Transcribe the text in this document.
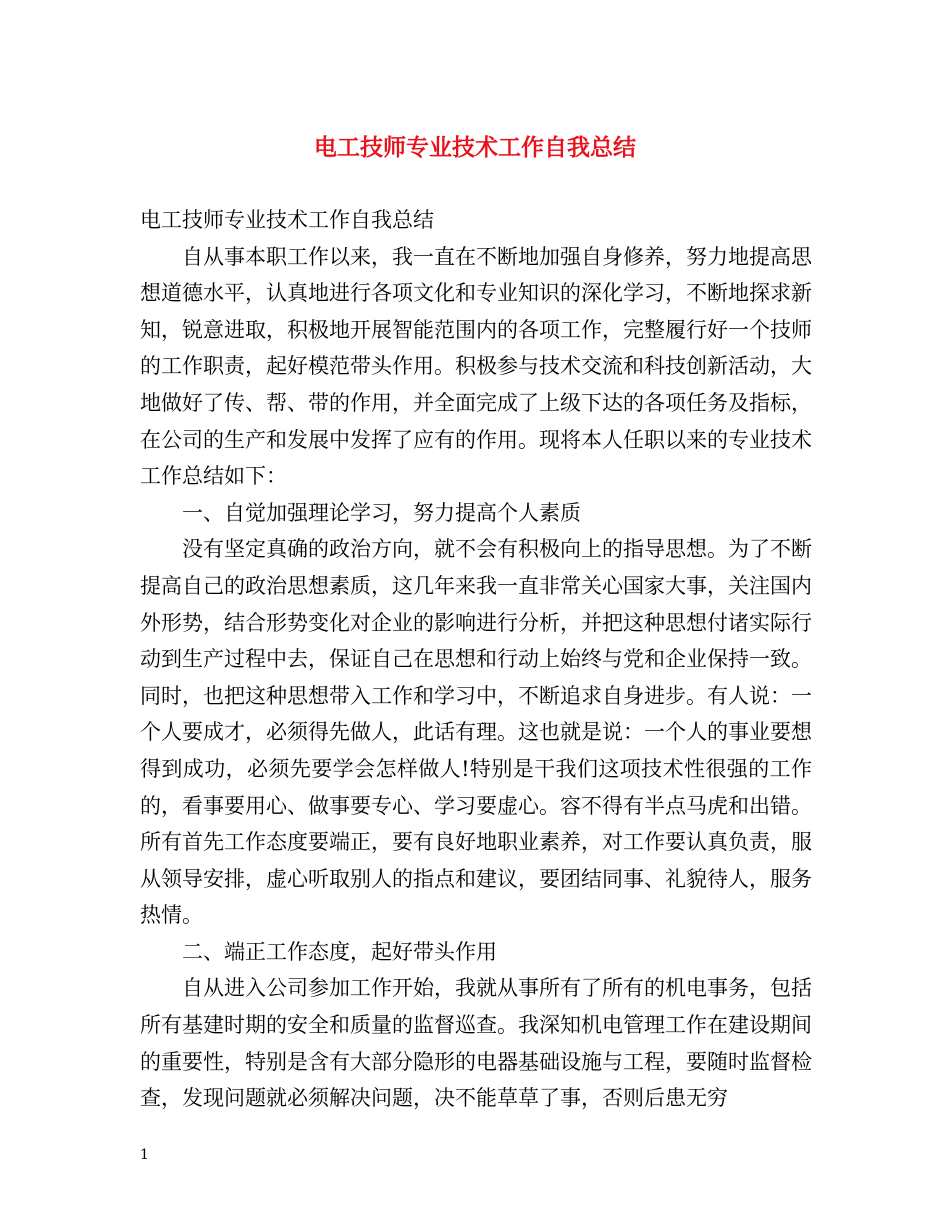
电工技师专业技术工作自我总结

电工技师专业技术工作自我总结

自从事本职工作以来，我一直在不断地加强自身修养，努力地提高思想道德水平，认真地进行各项文化和专业知识的深化学习，不断地探求新知，锐意进取，积极地开展智能范围内的各项工作，完整履行好一个技师的工作职责，起好模范带头作用。积极参与技术交流和科技创新活动，大地做好了传、帮、带的作用，并全面完成了上级下达的各项任务及指标，在公司的生产和发展中发挥了应有的作用。现将本人任职以来的专业技术工作总结如下：

一、自觉加强理论学习，努力提高个人素质

没有坚定真确的政治方向，就不会有积极向上的指导思想。为了不断提高自己的政治思想素质，这几年来我一直非常关心国家大事，关注国内外形势，结合形势变化对企业的影响进行分析，并把这种思想付诸实际行动到生产过程中去，保证自己在思想和行动上始终与党和企业保持一致。同时，也把这种思想带入工作和学习中，不断追求自身进步。有人说：一个人要成才，必须得先做人，此话有理。这也就是说：一个人的事业要想得到成功，必须先要学会怎样做人!特别是干我们这项技术性很强的工作的，看事要用心、做事要专心、学习要虚心。容不得有半点马虎和出错。所有首先工作态度要端正，要有良好地职业素养，对工作要认真负责，服从领导安排，虚心听取别人的指点和建议，要团结同事、礼貌待人，服务热情。

二、端正工作态度，起好带头作用

自从进入公司参加工作开始，我就从事所有了所有的机电事务，包括所有基建时期的安全和质量的监督巡查。我深知机电管理工作在建设期间的重要性，特别是含有大部分隐形的电器基础设施与工程，要随时监督检查，发现问题就必须解决问题，决不能草草了事，否则后患无穷

1
